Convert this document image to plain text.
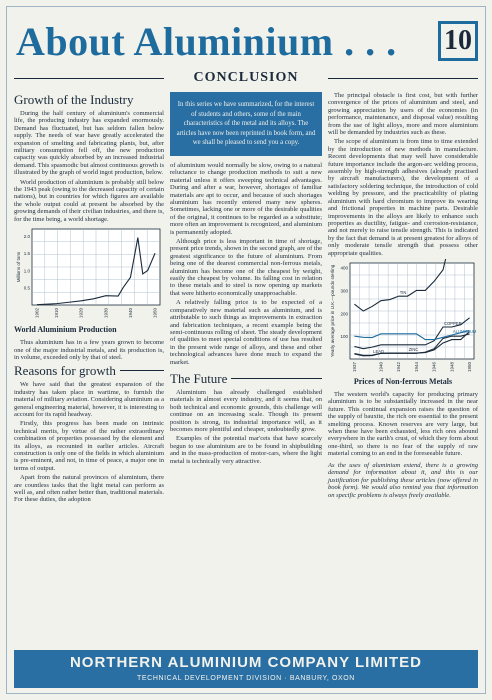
About Aluminium . . . 10
CONCLUSION
Growth of the Industry

During the half century of aluminium's commercial life, the producing industry has expanded enormously. Demand has fluctuated, but has seldom fallen below supply. The needs of war have greatly accelerated the expansion of smelting and fabricating plants, but, after military consumption fell off, the new production capacity was quickly absorbed by an increased industrial demand. This spasmodic but almost continuous growth is illustrated by the graph of world ingot production, below.

World production of aluminium is probably still below the 1943 peak (owing to the decreased capacity of certain nations), but in countries for which figures are available the whole output could at present be absorbed by the growing demands of their civilian industries, and there is, for the time being, a world shortage.

0.5
1.0
1.5
2.0
1902	1910	1920	1930	1940	1950
Millions of tons
World Aluminium Production

Thus aluminium has in a few years grown to become one of the major industrial metals, and its production is, in volume, exceeded only by that of steel.

Reasons for growth

We have said that the greatest expansion of the industry has taken place in wartime, to furnish the material of military aviation. Considering aluminium as a general engineering material, however, it is interesting to account for its rapid headway.

Firstly, this progress has been made on intrinsic technical merits, by virtue of the rather extraordinary combination of properties possessed by the element and its alloys, as recounted in earlier articles. Aircraft construction is only one of the fields in which aluminium is pre-eminent, and not, in time of peace, a major one in terms of output.

Apart from the natural provinces of aluminium, there are countless tasks that the light metal can perform as well as, and often rather better than, traditional materials. For these duties, the adoption

In this series we have summarized, for the interest of students and others, some of the main characteristics of the metal and its alloys. The articles have now been reprinted in book form, and we shall be pleased to send you a copy.

of aluminium would normally be slow, owing to a natural reluctance to change production methods to suit a new material unless it offers sweeping technical advantages. During and after a war, however, shortages of familiar materials are apt to occur, and because of such shortages aluminium has recently entered many new spheres. Sometimes, lacking one or more of the desirable qualities of the original, it continues to be regarded as a substitute; more often an improvement is recognized, and aluminium is permanently adopted.

Although price is less important in time of shortage, present price trends, shown in the second graph, are of the greatest significance to the future of aluminium. From being one of the dearest commercial non-ferrous metals, aluminium has become one of the cheapest by weight, easily the cheapest by volume. Its falling cost in relation to these metals and to steel is now opening up markets that were hitherto economically unapproachable.

A relatively falling price is to be expected of a comparatively new material such as aluminium, and is attributable to such things as improvements in extraction and fabrication techniques, a recent example being the semi-continuous rolling of sheet. The steady development of qualities to meet special conditions of use has resulted in the present wide range of alloys, and these and other technological advances have done much to expand the market.

The Future

Aluminium has already challenged established materials in almost every industry, and it seems that, on both technical and economic grounds, this challenge will continue on an increasing scale. Though its present position is strong, its industrial importance will, as it becomes more plentiful and cheaper, undoubtedly grow.

Examples of the potential mar'cets that have scarcely begun to use aluminium are to be found in shipbuilding and in the mass-production of motor-cars, where the light metal is technically very attractive.

The principal obstacle is first cost, but with further convergence of the prices of aluminium and steel, and growing appreciation by users of the economies (in performance, maintenance, and disposal value) resulting from the use of light alloys, more and more aluminium will be demanded by industries such as these.

The scope of aluminium is from time to time extended by the introduction of new methods in manufacture. Recent developments that may well have considerable future importance include the argon-arc welding process, assembly by high-strength adhesives (already practised by aircraft manufacturers), the development of a satisfactory soldering technique, the introduction of cold welding by pressure, and the practicability of plating aluminium with hard chromium to improve its wearing and frictional properties in machine parts. Desirable improvements in the alloys are likely to enhance such properties as ductility, fatigue- and corrosion-resistance, and not merely to raise tensile strength. This is indicated by the fact that demand is at present greatest for alloys of only moderate tensile strength that possess other appropriate qualities.

100
200
300
400
1937	1940	1942	1944	1946	1948	1950
Yearly average price in U.K.—pounds sterling	TIN
COPPER
ZINC
LEAD
ALUMINIUM
Prices of Non-ferrous Metals

The western world's capacity for producing primary aluminium is to be substantially increased in the near future. This continual expansion raises the question of the supply of bauxite, the rich ore essential to the present smelting process. Known reserves are very large, but when these have been exhausted, less rich ores abound everywhere in the earth's crust, of which they form about one-third, so there is no fear of the supply of raw material coming to an end in the foreseeable future.

As the uses of aluminium extend, there is a growing demand for information about it, and this is our justification for publishing these articles (now offered in book form). We would also remind you that information on specific problems is always freely available.
NORTHERN ALUMINIUM COMPANY LIMITED
TECHNICAL DEVELOPMENT DIVISION · BANBURY, OXON
